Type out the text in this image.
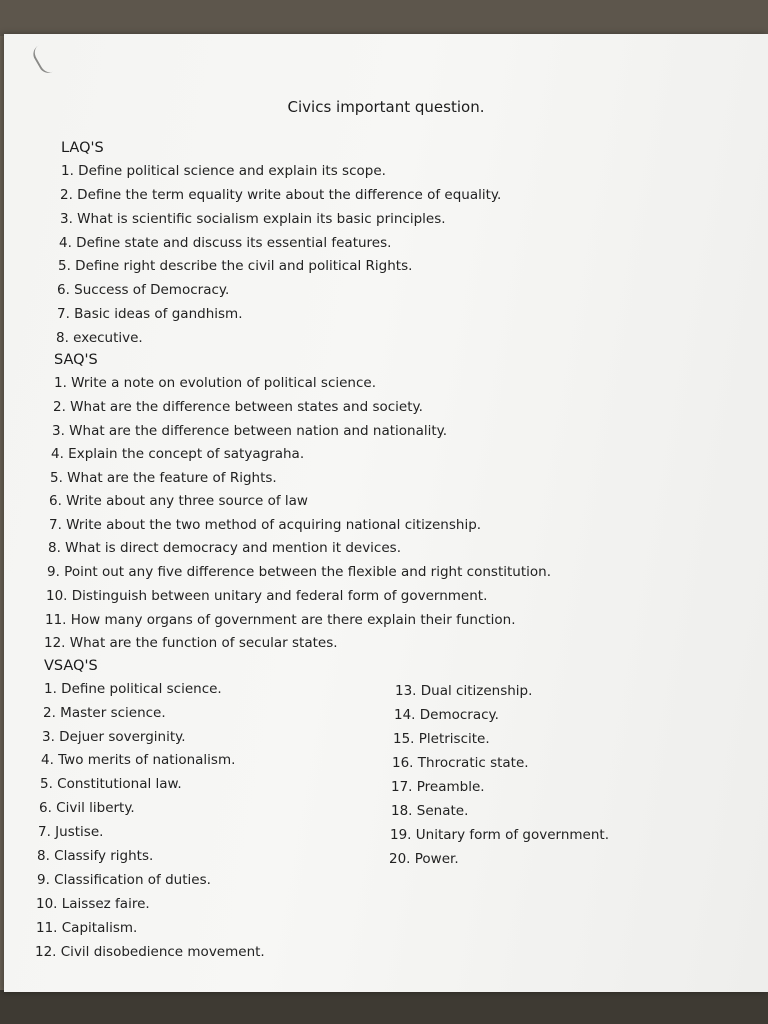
Civics important question.
LAQ'S
1. Define political science and explain its scope.
2. Define the term equality write about the difference of equality.
3. What is scientific socialism explain its basic principles.
4. Define state and discuss its essential features.
5. Define right describe the civil and political Rights.
6. Success of Democracy.
7. Basic ideas of gandhism.
8. executive.
SAQ'S
1. Write a note on evolution of political science.
2. What are the difference between states and society.
3. What are the difference between nation and nationality.
4. Explain the concept of satyagraha.
5. What are the feature of Rights.
6. Write about any three source of law
7. Write about the two method of acquiring national citizenship.
8. What is direct democracy and mention it devices.
9. Point out any five difference between the flexible and right constitution.
10. Distinguish between unitary and federal form of government.
11. How many organs of government are there explain their function.
12. What are the function of secular states.
VSAQ'S
1. Define political science.
2. Master science.
3. Dejuer soverginity.
4. Two merits of nationalism.
5. Constitutional law.
6. Civil liberty.
7. Justise.
8. Classify rights.
9. Classification of duties.
10. Laissez faire.
11. Capitalism.
12. Civil disobedience movement.
13. Dual citizenship.
14. Democracy.
15. Pletriscite.
16. Throcratic state.
17. Preamble.
18. Senate.
19. Unitary form of government.
20. Power.
